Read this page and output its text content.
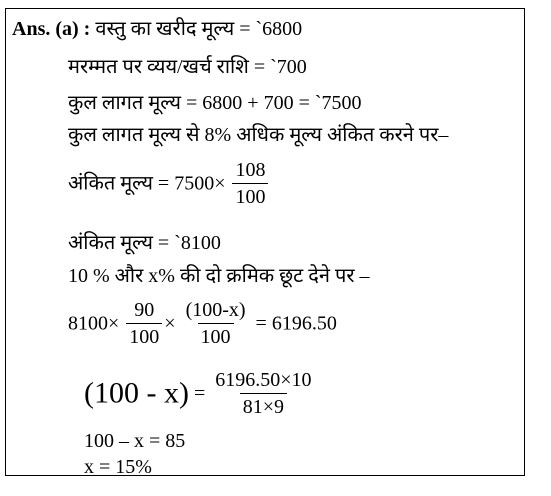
Ans. (a) : वस्तु का खरीद मूल्य = `6800
मरम्मत पर व्यय/खर्च राशि = `700
कुल लागत मूल्य = 6800 + 700 = `7500
कुल लागत मूल्य से 8% अधिक मूल्य अंकित करने पर–
अंकित मूल्य = $7500\times \frac{108}{100}$
अंकित मूल्य = `8100
10 % और x% की दो क्रमिक छूट देने पर –
$8100\times \frac{90}{100} \times \frac{(100-x)}{100} = 6196.50$
$(100 - x) = \frac{6196.50\times 10}{81\times 9}$
100 – x = 85
x = 15%
